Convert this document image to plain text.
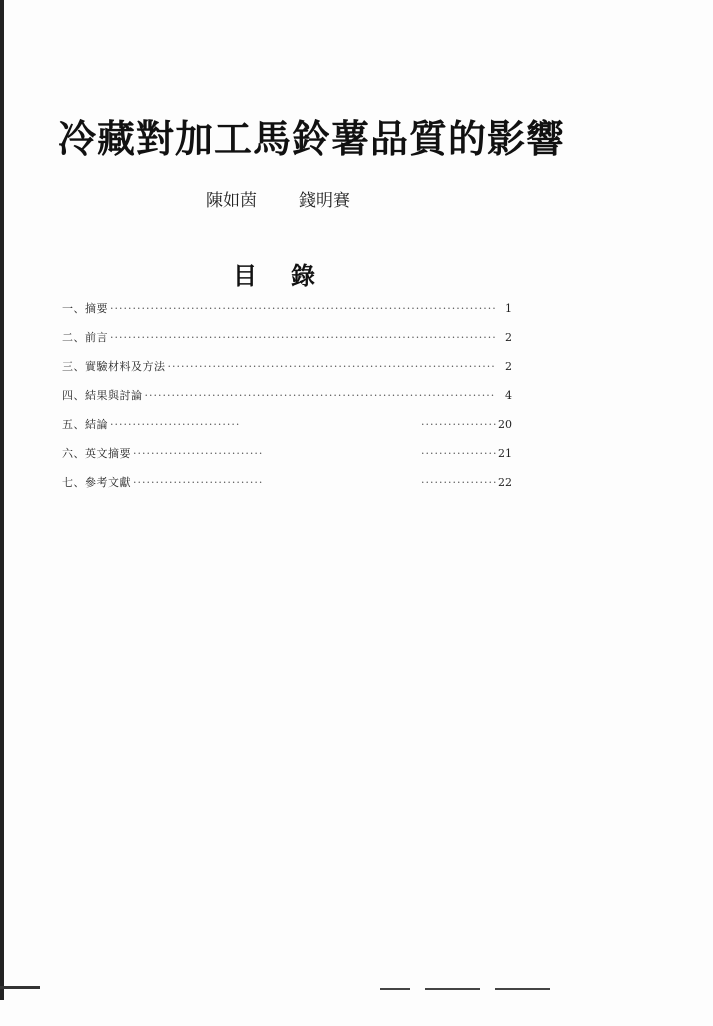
冷藏對加工馬鈴薯品質的影響
陳如茵 錢明賽
目錄
一、摘要 ·····	1
二、前言 ·····	2
三、實驗材料及方法 ·····	2
四、結果與討論 ·····	4
五、結論 ····· ·····	20
六、英文摘要 ····· ·····	21
七、參考文獻 ····· ·····	22
